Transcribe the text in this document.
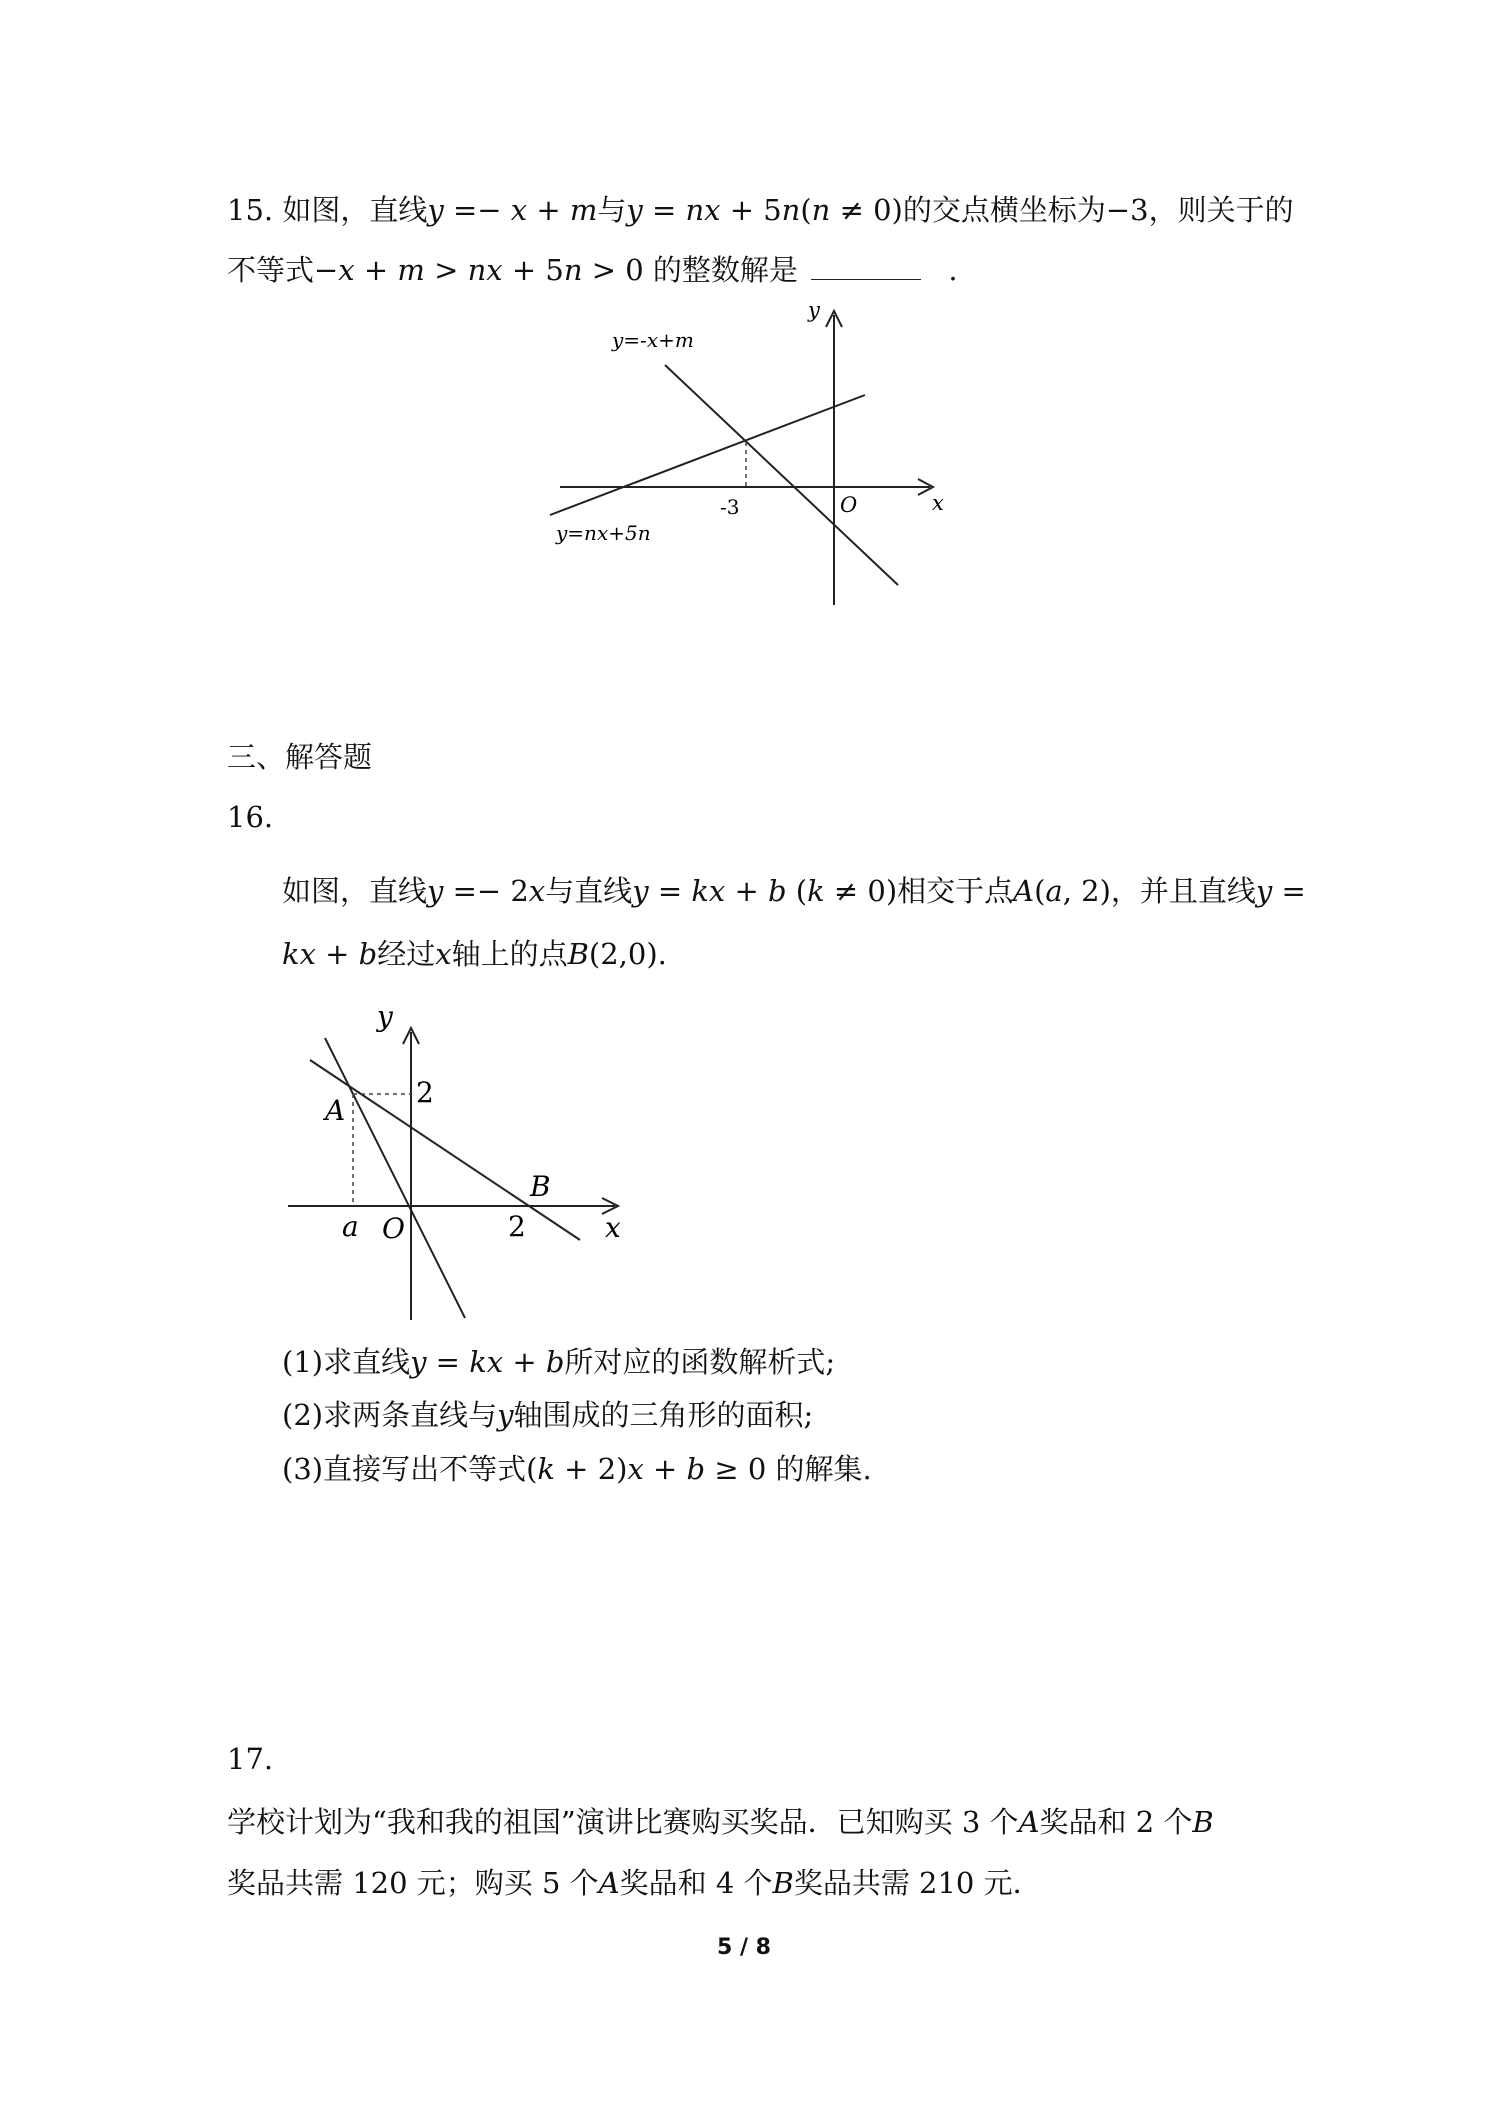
15. 如图，直线𝑦 =− 𝑥 + 𝑚与𝑦 = 𝑛𝑥 + 5𝑛(𝑛 ≠ 0)的交点横坐标为−3，则关于的
不等式−𝑥 + 𝑚 > 𝑛𝑥 + 5𝑛 > 0 的整数解是	.
y=-x+m
y=nx+5n
-3	O	x
y
三、解答题
16.
如图，直线𝑦 =− 2𝑥与直线𝑦 = 𝑘𝑥 + 𝑏 (𝑘 ≠ 0)相交于点𝐴(𝑎, 2)，并且直线𝑦 =
𝑘𝑥 + 𝑏经过𝑥轴上的点𝐵(2,0).
y
x
A
B
2
2
a O
(1)求直线𝑦 = 𝑘𝑥 + 𝑏所对应的函数解析式;
(2)求两条直线与𝑦轴围成的三角形的面积;
(3)直接写出不等式(𝑘 + 2)𝑥 + 𝑏 ≥ 0 的解集.
17.
学校计划为“我和我的祖国”演讲比赛购买奖品．已知购买 3 个𝐴奖品和 2 个𝐵
奖品共需 120 元；购买 5 个𝐴奖品和 4 个𝐵奖品共需 210 元．
5 / 8
